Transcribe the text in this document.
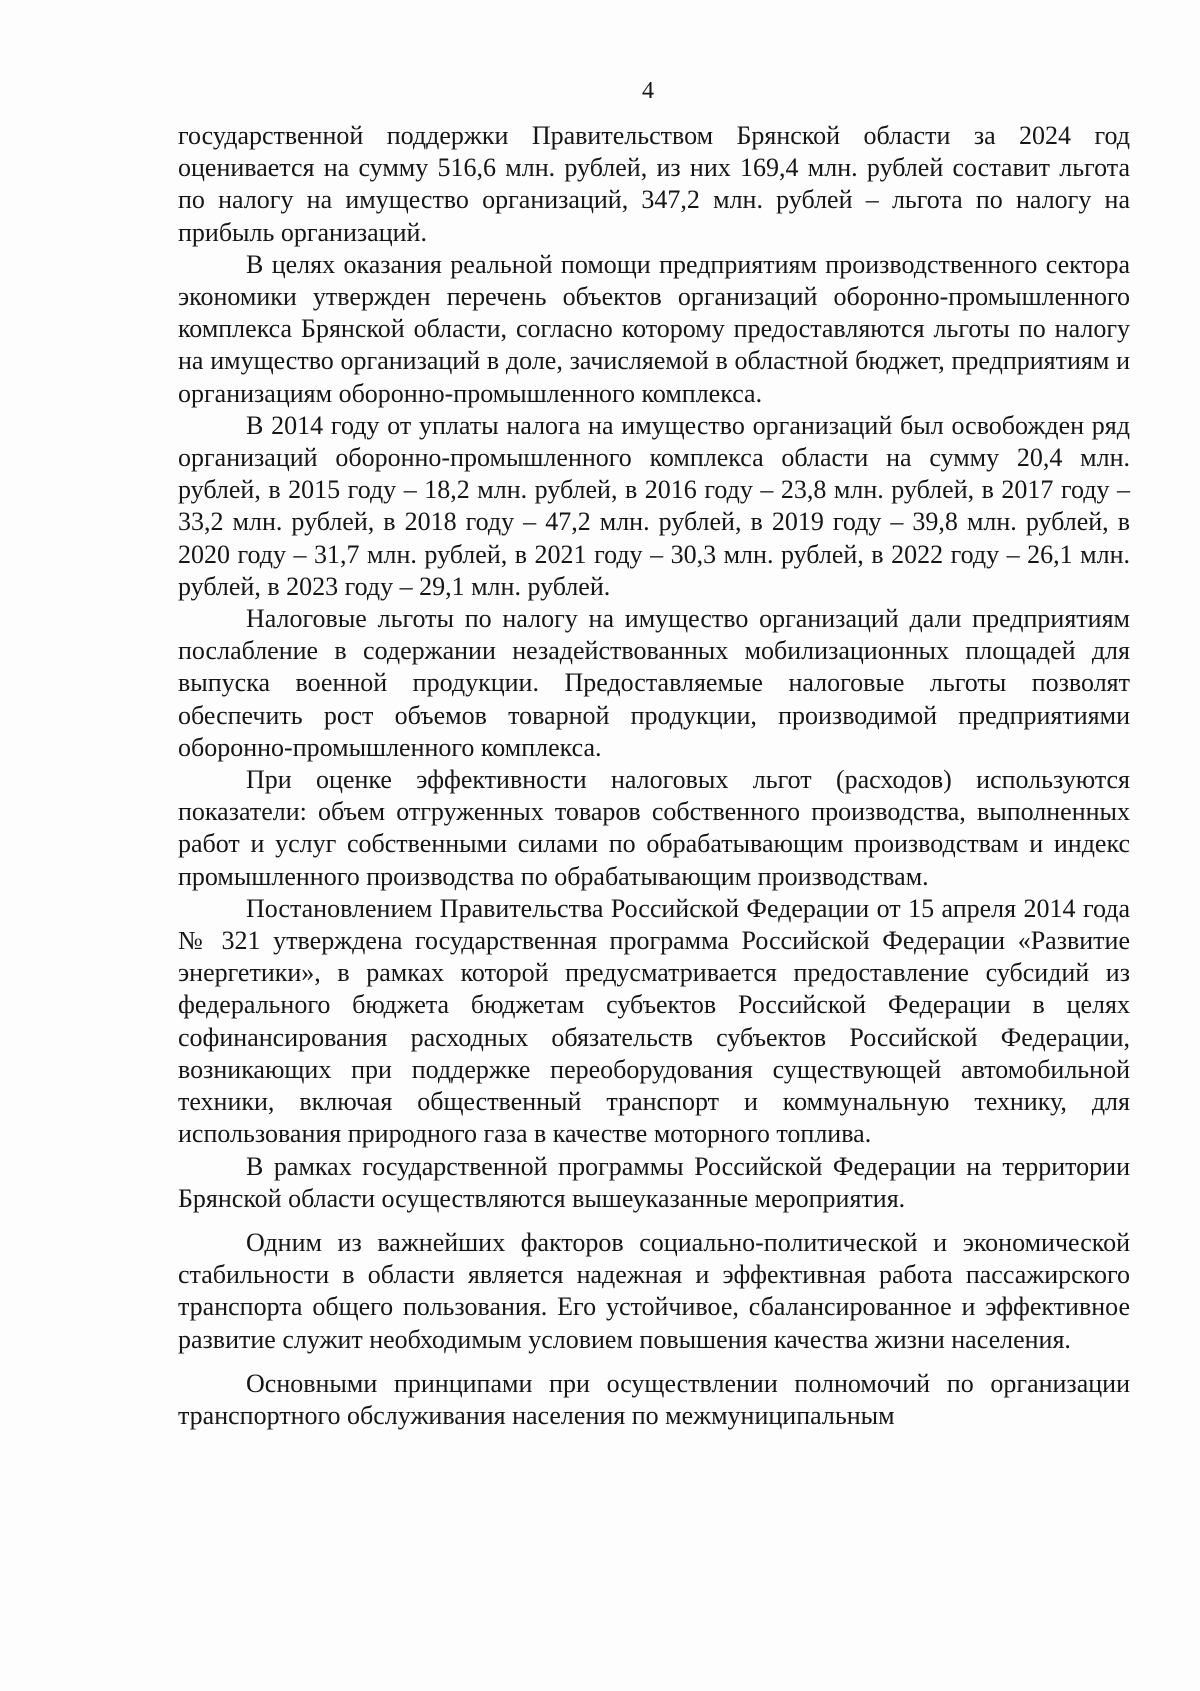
4

государственной поддержки Правительством Брянской области за 2024 год оценивается на сумму 516,6 млн. рублей, из них 169,4 млн. рублей составит льгота по налогу на имущество организаций, 347,2 млн. рублей – льгота по налогу на прибыль организаций.

В целях оказания реальной помощи предприятиям производственного сектора экономики утвержден перечень объектов организаций оборонно-промышленного комплекса Брянской области, согласно которому предоставляются льготы по налогу на имущество организаций в доле, зачисляемой в областной бюджет, предприятиям и организациям оборонно-промышленного комплекса.

В 2014 году от уплаты налога на имущество организаций был освобожден ряд организаций оборонно-промышленного комплекса области на сумму 20,4 млн. рублей, в 2015 году – 18,2 млн. рублей, в 2016 году – 23,8 млн. рублей, в 2017 году – 33,2 млн. рублей, в 2018 году – 47,2 млн. рублей, в 2019 году – 39,8 млн. рублей, в 2020 году – 31,7 млн. рублей, в 2021 году – 30,3 млн. рублей, в 2022 году – 26,1 млн. рублей, в 2023 году – 29,1 млн. рублей.

Налоговые льготы по налогу на имущество организаций дали предприятиям послабление в содержании незадействованных мобилизационных площадей для выпуска военной продукции. Предоставляемые налоговые льготы позволят обеспечить рост объемов товарной продукции, производимой предприятиями оборонно-промышленного комплекса.

При оценке эффективности налоговых льгот (расходов) используются показатели: объем отгруженных товаров собственного производства, выполненных работ и услуг собственными силами по обрабатывающим производствам и индекс промышленного производства по обрабатывающим производствам.

Постановлением Правительства Российской Федерации от 15 апреля 2014 года № 321 утверждена государственная программа Российской Федерации «Развитие энергетики», в рамках которой предусматривается предоставление субсидий из федерального бюджета бюджетам субъектов Российской Федерации в целях софинансирования расходных обязательств субъектов Российской Федерации, возникающих при поддержке переоборудования существующей автомобильной техники, включая общественный транспорт и коммунальную технику, для использования природного газа в качестве моторного топлива.

В рамках государственной программы Российской Федерации на территории Брянской области осуществляются вышеуказанные мероприятия.

Одним из важнейших факторов социально-политической и экономической стабильности в области является надежная и эффективная работа пассажирского транспорта общего пользования. Его устойчивое, сбалансированное и эффективное развитие служит необходимым условием повышения качества жизни населения.

Основными принципами при осуществлении полномочий по организации транспортного обслуживания населения по межмуниципальным
